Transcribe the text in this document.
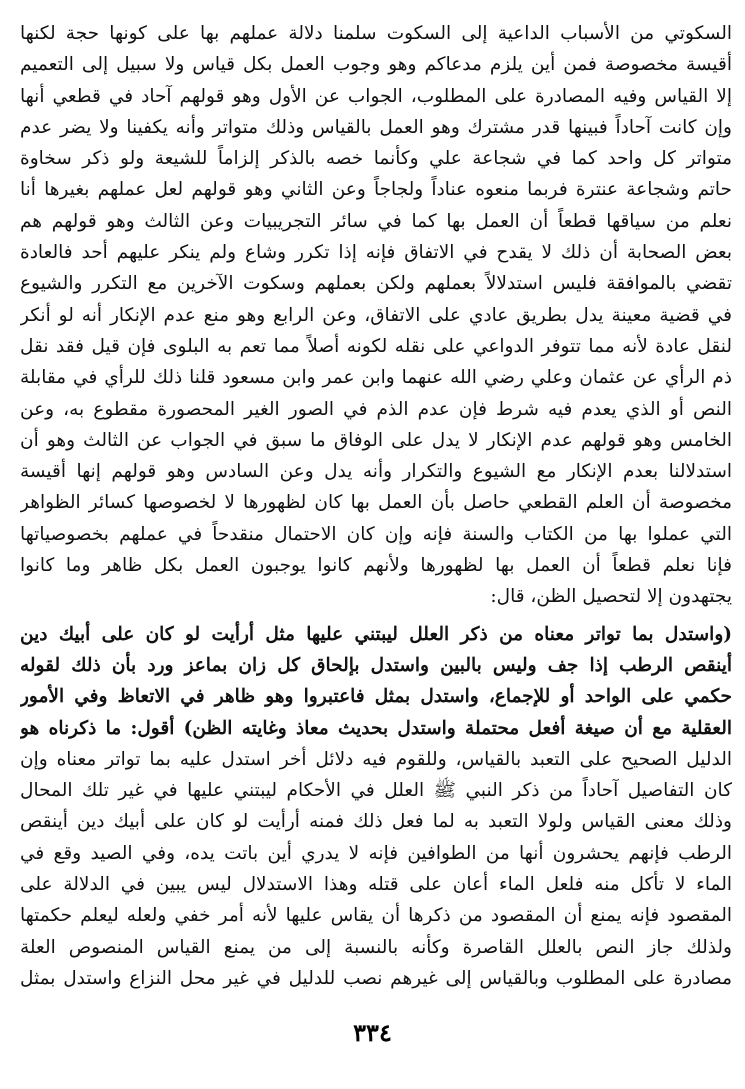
السكوتي من الأسباب الداعية إلى السكوت سلمنا دلالة عملهم بها على كونها حجة لكنها
أقيسة مخصوصة فمن أين يلزم مدعاكم وهو وجوب العمل بكل قياس ولا سبيل إلى التعميم
إلا القياس وفيه المصادرة على المطلوب، الجواب عن الأول وهو قولهم آحاد في قطعي أنها
وإن كانت آحاداً فبينها قدر مشترك وهو العمل بالقياس وذلك متواتر وأنه يكفينا ولا يضر عدم
متواتر كل واحد كما في شجاعة علي وكأنما خصه بالذكر إلزاماً للشيعة ولو ذكر سخاوة
حاتم وشجاعة عنترة فربما منعوه عناداً ولجاجاً وعن الثاني وهو قولهم لعل عملهم بغيرها أنا
نعلم من سياقها قطعاً أن العمل بها كما في سائر التجريبيات وعن الثالث وهو قولهم هم
بعض الصحابة أن ذلك لا يقدح في الاتفاق فإنه إذا تكرر وشاع ولم ينكر عليهم أحد فالعادة
تقضي بالموافقة فليس استدلالاً بعملهم ولكن بعملهم وسكوت الآخرين مع التكرر والشيوع
في قضية معينة يدل بطريق عادي على الاتفاق، وعن الرابع وهو منع عدم الإنكار أنه لو أنكر
لنقل عادة لأنه مما تتوفر الدواعي على نقله لكونه أصلاً مما تعم به البلوى فإن قيل فقد نقل
ذم الرأي عن عثمان وعلي رضي الله عنهما وابن عمر وابن مسعود قلنا ذلك للرأي في مقابلة
النص أو الذي يعدم فيه شرط فإن عدم الذم في الصور الغير المحصورة مقطوع به، وعن
الخامس وهو قولهم عدم الإنكار لا يدل على الوفاق ما سبق في الجواب عن الثالث وهو أن
استدلالنا بعدم الإنكار مع الشيوع والتكرار وأنه يدل وعن السادس وهو قولهم إنها أقيسة
مخصوصة أن العلم القطعي حاصل بأن العمل بها كان لظهورها لا لخصوصها كسائر الظواهر
التي عملوا بها من الكتاب والسنة فإنه وإن كان الاحتمال منقدحاً في عملهم بخصوصياتها
فإنا نعلم قطعاً أن العمل بها لظهورها ولأنهم كانوا يوجبون العمل بكل ظاهر وما كانوا
يجتهدون إلا لتحصيل الظن، قال:
(واستدل بما تواتر معناه من ذكر العلل ليبتني عليها مثل أرأيت لو كان على أبيك دين
أينقص الرطب إذا جف وليس بالبين واستدل بإلحاق كل زان بماعز ورد بأن ذلك لقوله
حكمي على الواحد أو للإجماع، واستدل بمثل فاعتبروا وهو ظاهر في الاتعاظ وفي الأمور
العقلية مع أن صيغة أفعل محتملة واستدل بحديث معاذ وغايته الظن) أقول: ما ذكرناه هو
الدليل الصحيح على التعبد بالقياس، وللقوم فيه دلائل أخر استدل عليه بما تواتر معناه وإن
كان التفاصيل آحاداً من ذكر النبي ﷺ العلل في الأحكام ليبتني عليها في غير تلك المحال
وذلك معنى القياس ولولا التعبد به لما فعل ذلك فمنه أرأيت لو كان على أبيك دين أينقص
الرطب فإنهم يحشرون أنها من الطوافين فإنه لا يدري أين باتت يده، وفي الصيد وقع في
الماء لا تأكل منه فلعل الماء أعان على قتله وهذا الاستدلال ليس يبين في الدلالة على
المقصود فإنه يمنع أن المقصود من ذكرها أن يقاس عليها لأنه أمر خفي ولعله ليعلم حكمتها
ولذلك جاز النص بالعلل القاصرة وكأنه بالنسبة إلى من يمنع القياس المنصوص العلة
مصادرة على المطلوب وبالقياس إلى غيرهم نصب للدليل في غير محل النزاع واستدل بمثل
٣٣٤
